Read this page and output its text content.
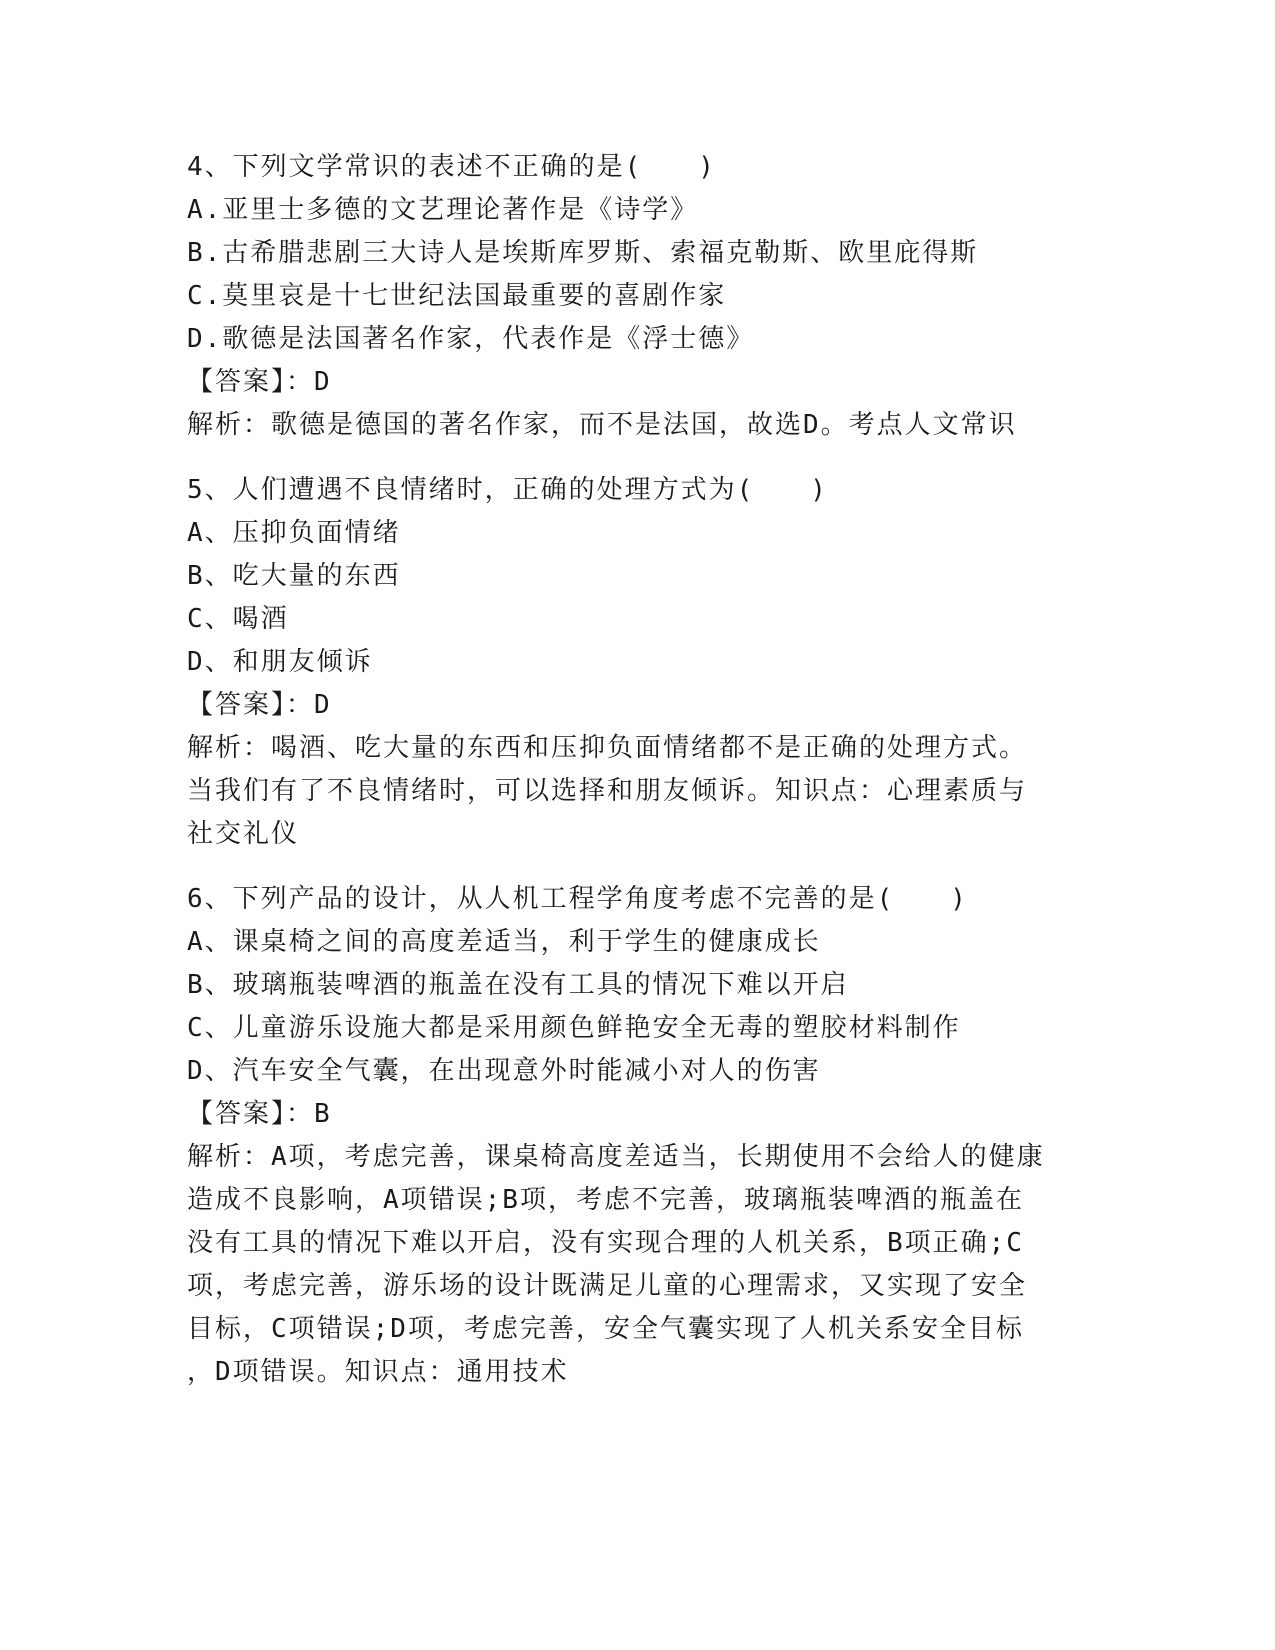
4、下列文学常识的表述不正确的是(　　)
A.亚里士多德的文艺理论著作是《诗学》
B.古希腊悲剧三大诗人是埃斯库罗斯、索福克勒斯、欧里庇得斯
C.莫里哀是十七世纪法国最重要的喜剧作家
D.歌德是法国著名作家，代表作是《浮士德》
【答案】：D
解析：歌德是德国的著名作家，而不是法国，故选D。考点人文常识
5、人们遭遇不良情绪时，正确的处理方式为(　　)
A、压抑负面情绪
B、吃大量的东西
C、喝酒
D、和朋友倾诉
【答案】：D
解析：喝酒、吃大量的东西和压抑负面情绪都不是正确的处理方式。
当我们有了不良情绪时，可以选择和朋友倾诉。知识点：心理素质与
社交礼仪
6、下列产品的设计，从人机工程学角度考虑不完善的是(　　)
A、课桌椅之间的高度差适当，利于学生的健康成长
B、玻璃瓶装啤酒的瓶盖在没有工具的情况下难以开启
C、儿童游乐设施大都是采用颜色鲜艳安全无毒的塑胶材料制作
D、汽车安全气囊，在出现意外时能减小对人的伤害
【答案】：B
解析：A项，考虑完善，课桌椅高度差适当，长期使用不会给人的健康
造成不良影响，A项错误;B项，考虑不完善，玻璃瓶装啤酒的瓶盖在
没有工具的情况下难以开启，没有实现合理的人机关系，B项正确;C
项，考虑完善，游乐场的设计既满足儿童的心理需求，又实现了安全
目标，C项错误;D项，考虑完善，安全气囊实现了人机关系安全目标
，D项错误。知识点：通用技术
